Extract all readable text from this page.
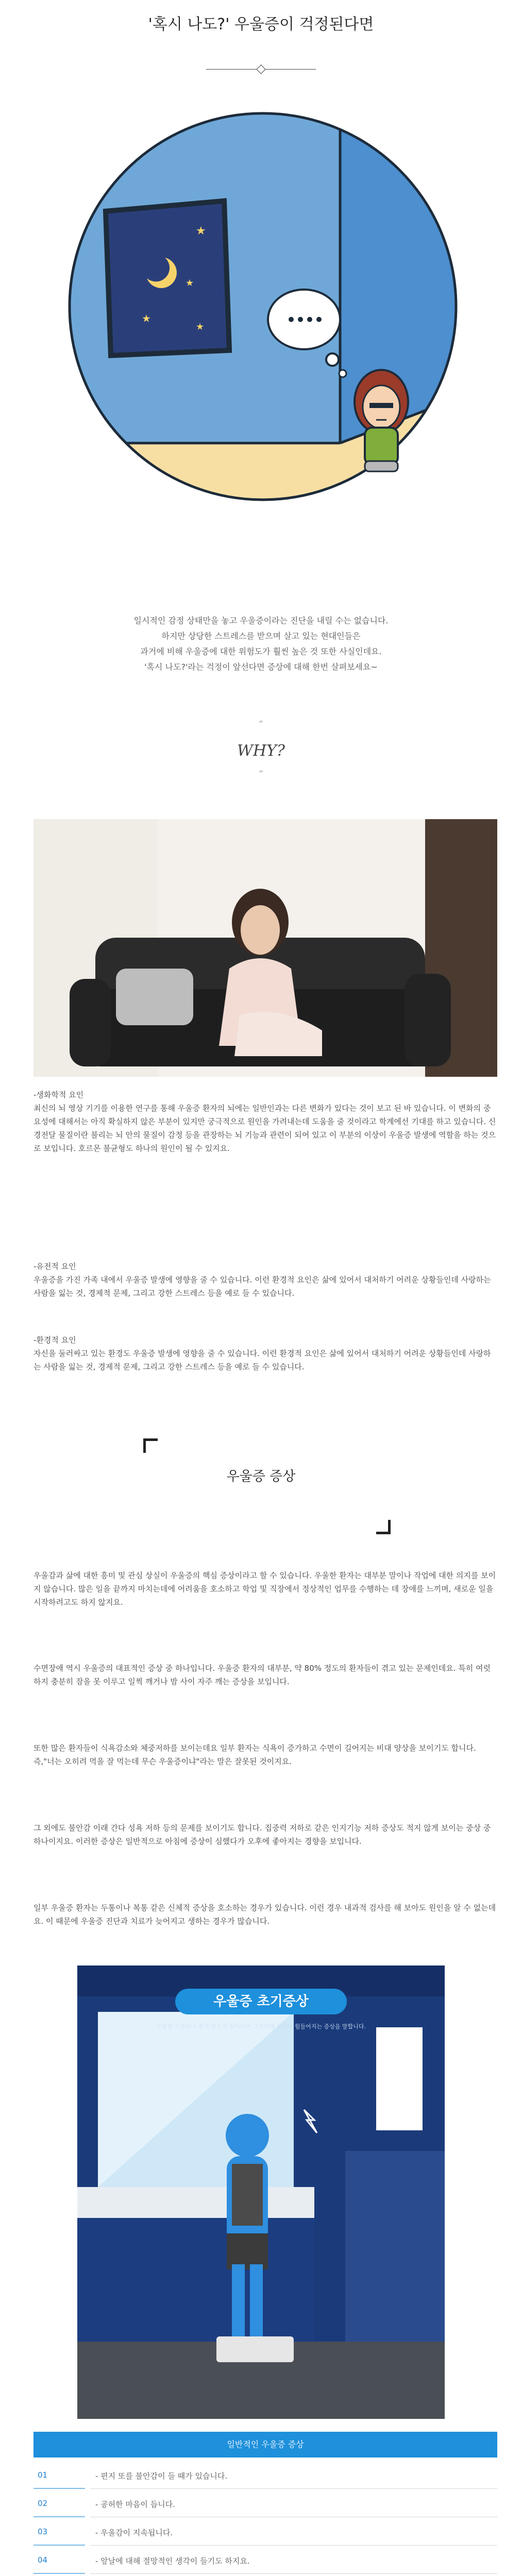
'혹시 나도?' 우울증이 걱정된다면
★
★
★
★
일시적인 감정 상태만을 놓고 우울증이라는 진단을 내릴 수는 없습니다.
하지만 상당한 스트레스를 받으며 살고 있는 현대인들은
과거에 비해 우울증에 대한 위험도가 훨씬 높은 것 또한 사실인데요.
'혹시 나도?'라는 걱정이 앞선다면 증상에 대해 한번 살펴보세요~
“
WHY?
”
-생화학적 요인
최신의 뇌 영상 기기를 이용한 연구를 통해 우울증 환자의 뇌에는 일반인과는 다른 변화가 있다는 것이 보고 된 바 있습니다. 이 변화의 중요성에 대해서는 아직 확실하지 않은 부분이 있지만 궁극적으로 원인을 가려내는데 도움을 줄 것이라고 학계에선 기대를 하고 있습니다. 신경전달 물질이란 불리는 뇌 안의 물질이 감정 등을 관장하는 뇌 기능과 관련이 되어 있고 이 부분의 이상이 우울증 발생에 역할을 하는 것으로 보입니다. 호르몬 불균형도 하나의 원인이 될 수 있지요.
-유전적 요인
우울증을 가진 가족 내에서 우울증 발생에 영향을 줄 수 있습니다. 이런 환경적 요인은 삶에 있어서 대처하기 어려운 상황들인데 사랑하는 사람을 잃는 것, 경제적 문제, 그리고 강한 스트레스 등을 예로 들 수 있습니다.
-환경적 요인
자신을 둘러싸고 있는 환경도 우울증 발생에 영향을 줄 수 있습니다. 이런 환경적 요인은 삶에 있어서 대처하기 어려운 상황들인데 사랑하는 사람을 잃는 것, 경제적 문제, 그리고 강한 스트레스 등을 예로 들 수 있습니다.
우울증 증상
우울감과 삶에 대한 흥미 및 관심 상실이 우울증의 핵심 증상이라고 할 수 있습니다. 우울한 환자는 대부분 말이나 작업에 대한 의지를 보이지 않습니다. 많은 일을 끝까지 마치는데에 어려움을 호소하고 학업 및 직장에서 정상적인 업무를 수행하는 데 장애를 느끼며, 새로운 일을 시작하려고도 하지 않지요.
수면장애 역시 우울증의 대표적인 증상 중 하나입니다. 우울증 환자의 대부분, 약 80% 정도의 환자들이 겪고 있는 문제인데요. 특히 여럿하지 충분히 잠을 못 이루고 일찍 깨거나 밤 사이 자주 깨는 증상을 보입니다.
또한 많은 환자들이 식욕감소와 체중저하를 보이는데요 일부 환자는 식욕이 증가하고 수면이 길어지는 비대 양상을 보이기도 합니다. 즉,"너는 오히려 먹을 잘 먹는데 무슨 우울증이냐"라는 말은 잘못된 것이지요.
그 외에도 불안감 이래 간다 성욕 저하 등의 문제를 보이기도 합니다. 집중력 저하로 같은 인지기능 저하 증상도 적지 않게 보이는 중상 중 하나이지요. 이러한 증상은 일반적으로 아침에 증상이 심했다가 오후에 좋아지는 경향을 보입니다.
일부 우울증 환자는 두통이나 복통 같은 신체적 증상을 호소하는 경우가 있습니다. 이런 경우 내과적 검사를 해 보아도 원인을 알 수 없는데요. 이 때문에 우울증 진단과 치료가 늦어지고 생하는 경우가 많습니다.
우울증 초기증상
우울한 기분이나 흥미 감소가 일어나며 그로인해 생활이 힘들어지는 증상을 말합니다.
일반적인 우울증 증상
01	- 편지 또를 불안감이 들 때가 있습니다.
02	- 공허한 마음이 듭니다.
03	- 우울감이 지속됩니다.
04	- 앞날에 대해 절망적인 생각이 들기도 하지요.
